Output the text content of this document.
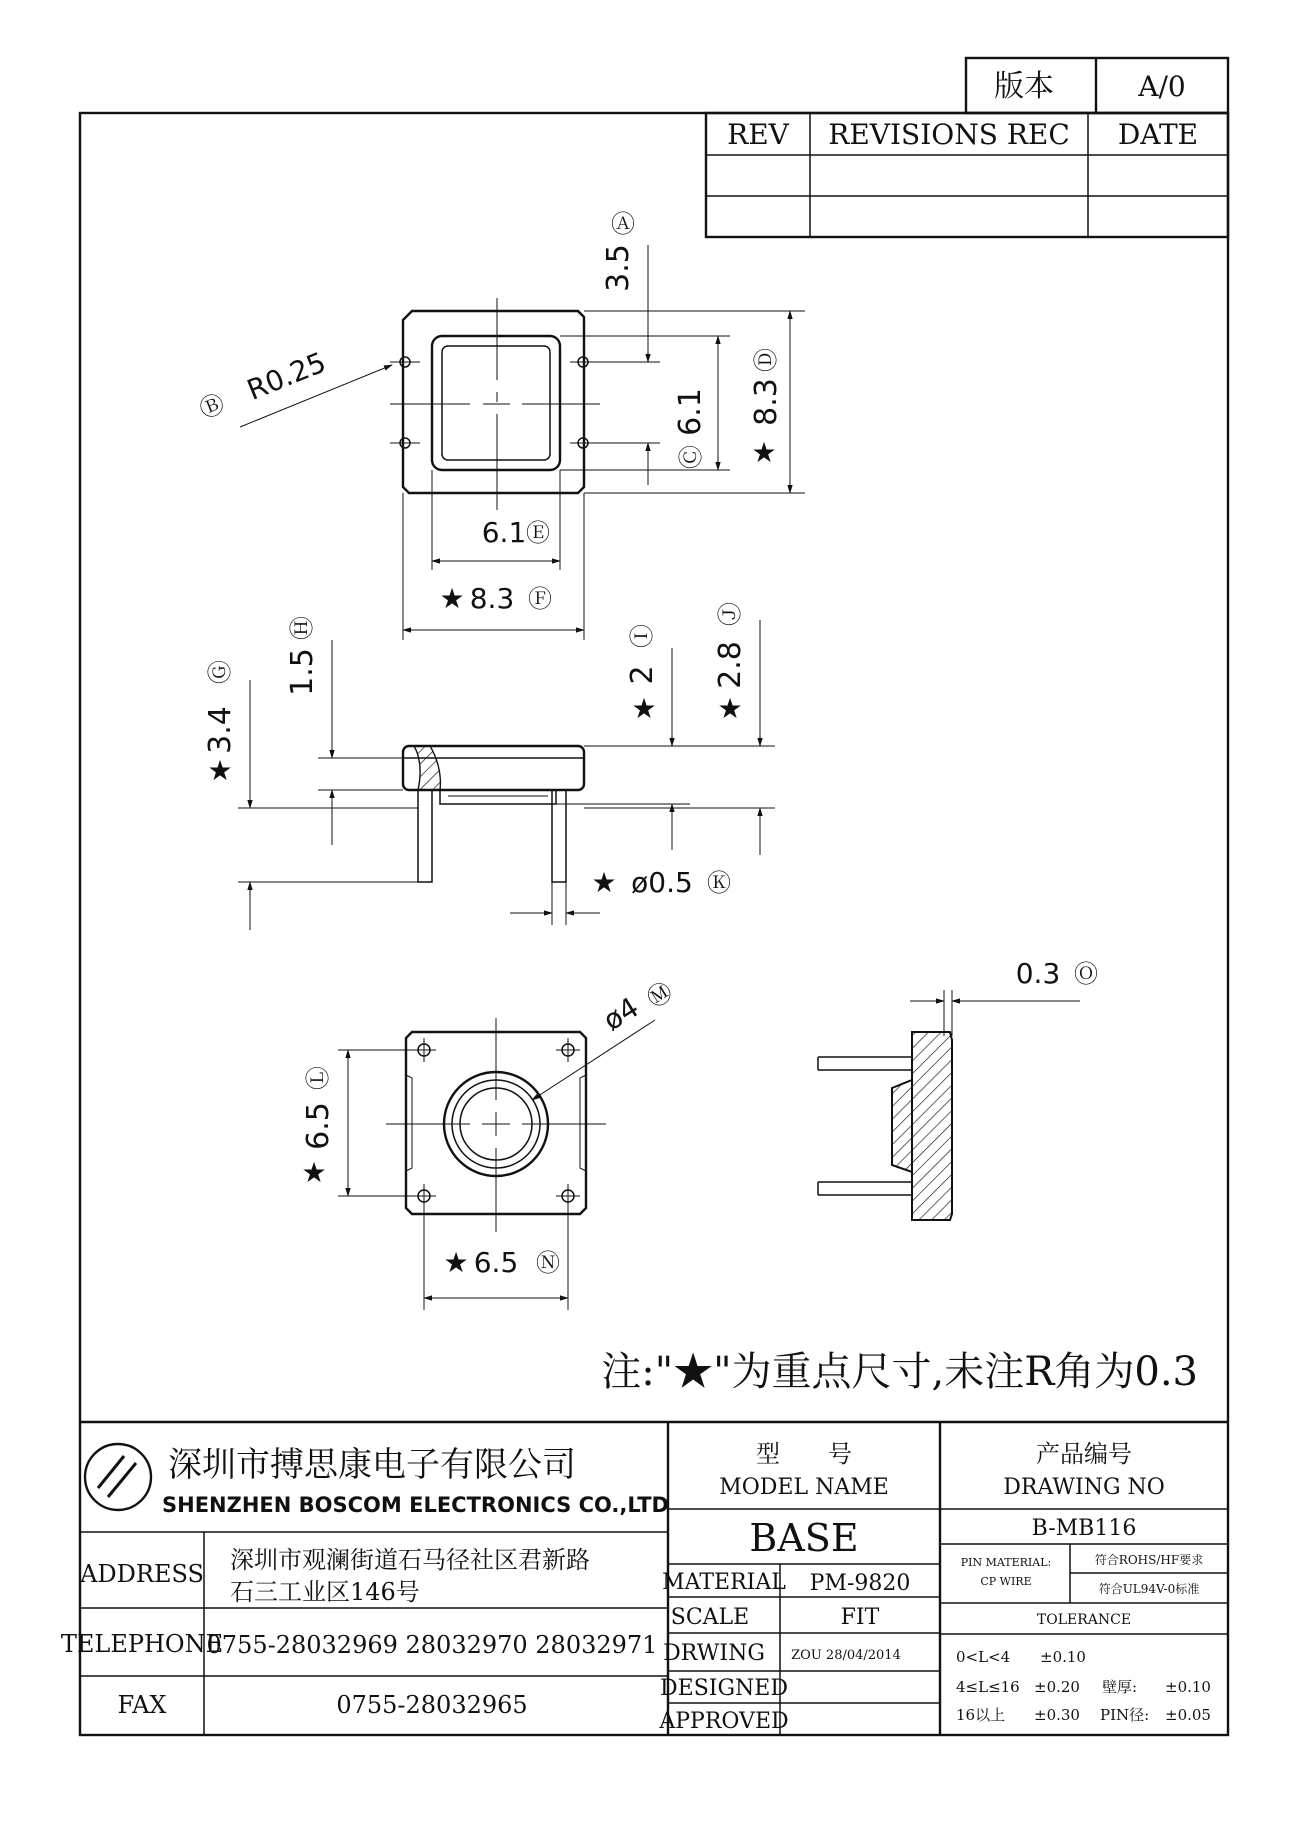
版本	A/0
REV REVISIONS REC DATE
3.5
Ⓐ
6.1
Ⓒ
8.3
Ⓓ
★
R0.25
Ⓑ
6.1 Ⓔ
★ 8.3 Ⓕ
3.4
Ⓖ
★
1.5
Ⓗ
2
Ⓘ
★
2.8
Ⓙ
★
★ ø0.5 Ⓚ
ø4
Ⓜ
6.5
Ⓛ
★
★ 6.5 Ⓝ
0.3 Ⓞ
注:"★"为重点尺寸,未注R角为0.3
深圳市搏思康电子有限公司
SHENZHEN BOSCOM ELECTRONICS CO.,LTD
ADDRESS 深圳市观澜街道石马径社区君新路
石三工业区146号
TELEPHONE
0755-28032969 28032970 28032971
FAX	0755-28032965
型　　号
MODEL NAME
BASE
产品编号
DRAWING NO
B-MB116
MATERIAL PM-9820
SCALE	FIT
DRWING ZOU 28/04/2014
DESIGNED
APPROVED
PIN MATERIAL:
CP WIRE
符合ROHS/HF要求
符合UL94V-0标准
TOLERANCE
0<L<4 ±0.10
4≤L≤16 ±0.20 壁厚: ±0.10
16以上 ±0.30 PIN径: ±0.05
